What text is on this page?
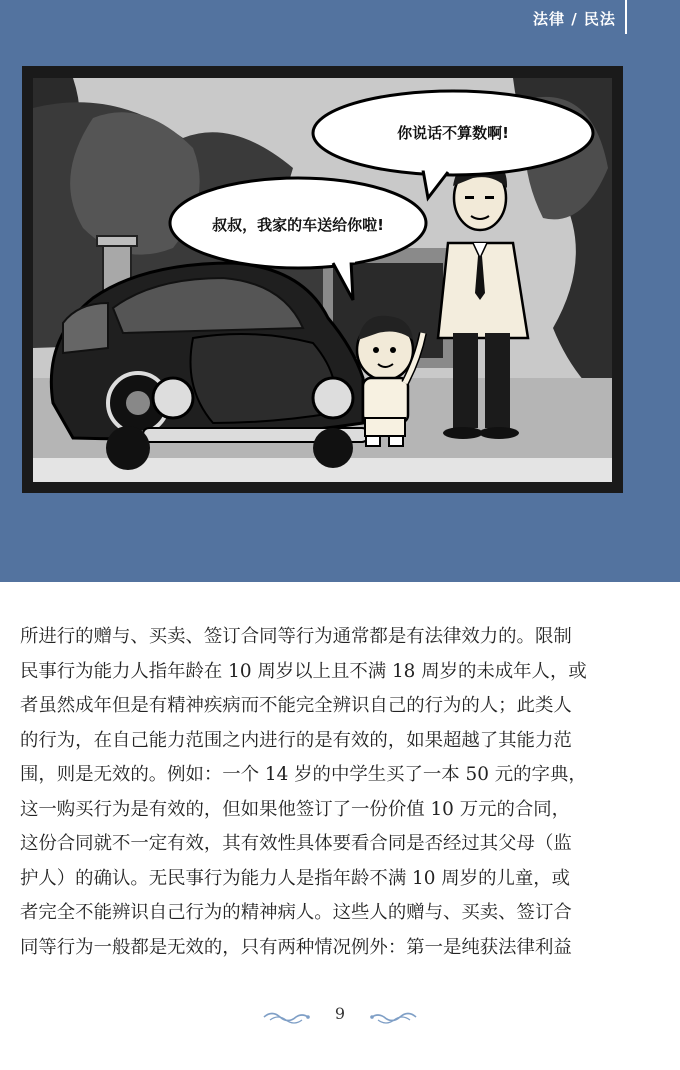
法律 / 民法
你说话不算数啊!
叔叔，我家的车送给你啦!
所进行的赠与、买卖、签订合同等行为通常都是有法律效力的。限制
民事行为能力人指年龄在 10 周岁以上且不满 18 周岁的未成年人，或
者虽然成年但是有精神疾病而不能完全辨识自己的行为的人；此类人
的行为，在自己能力范围之内进行的是有效的，如果超越了其能力范
围，则是无效的。例如：一个 14 岁的中学生买了一本 50 元的字典，
这一购买行为是有效的，但如果他签订了一份价值 10 万元的合同，
这份合同就不一定有效，其有效性具体要看合同是否经过其父母（监
护人）的确认。无民事行为能力人是指年龄不满 10 周岁的儿童，或
者完全不能辨识自己行为的精神病人。这些人的赠与、买卖、签订合
同等行为一般都是无效的，只有两种情况例外：第一是纯获法律利益
9
